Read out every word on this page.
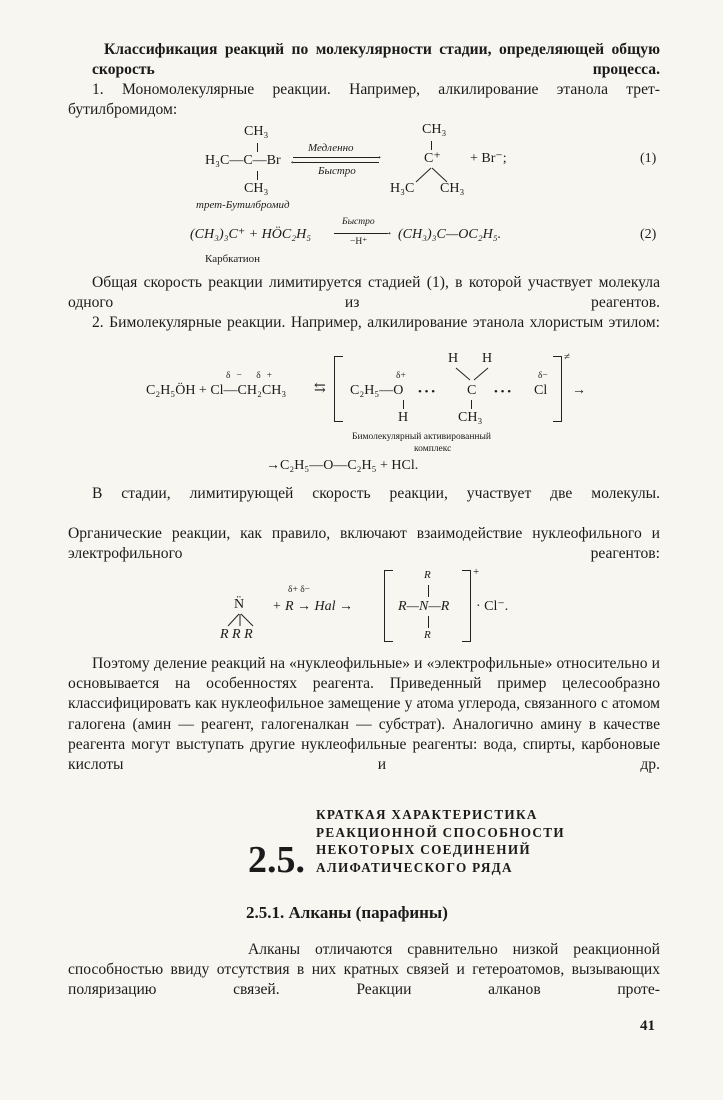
Классификация реакций по молекулярности стадии, определяющей общую скорость процесса.
1. Мономолекулярные реакции. Например, алкилирование этанола трет-бутилбромидом:
CH₃
H₃C—C—Br
CH₃
Медленно
→
←
Быстро
CH₃
C⁺ + Br⁻;
H₃C CH₃
(1)
трет-Бутилбромид
(CH₃)₃C⁺ + HÖC₂H₅
Быстро
→
−H⁺ (CH₃)₃C—OC₂H₅.	(2)
Карбкатион
Общая скорость реакции лимитируется стадией (1), в которой участвует молекула одного из реагентов.
2. Бимолекулярные реакции. Например, алкилирование этанола хлористым этилом:
δ− δ+
C₂H₅ÖH + Cl—CH₂CH₃ ⇆
δ+
C₂H₅—O • • •
H H
C • • •
δ−
Cl
H	CH₃
≠
→
Бимолекулярный активированный
комплекс
→C₂H₅—O—C₂H₅ + HCl.
В стадии, лимитирующей скорость реакции, участвует две молекулы.
Органические реакции, как правило, включают взаимодействие нуклеофильного и электрофильного реагентов:
N̈
R R R
δ+ δ−
+ R → Hal →
R
R—N—R
R
+
· Cl⁻.
Поэтому деление реакций на «нуклеофильные» и «электрофильные» относительно и основывается на особенностях реагента. Приведенный пример целесообразно классифицировать как нуклеофильное замещение у атома углерода, связанного с атомом галогена (амин — реагент, галогеналкан — субстрат). Аналогично амину в качестве реагента могут выступать другие нуклеофильные реагенты: вода, спирты, карбоновые кислоты и др.
2.5.
КРАТКАЯ ХАРАКТЕРИСТИКА
РЕАКЦИОННОЙ СПОСОБНОСТИ
НЕКОТОРЫХ СОЕДИНЕНИЙ
АЛИФАТИЧЕСКОГО РЯДА
2.5.1. Алканы (парафины)
Алканы отличаются сравнительно низкой реакционной способностью ввиду отсутствия в них кратных связей и гетероатомов, вызывающих поляризацию связей. Реакции алканов проте-
41
